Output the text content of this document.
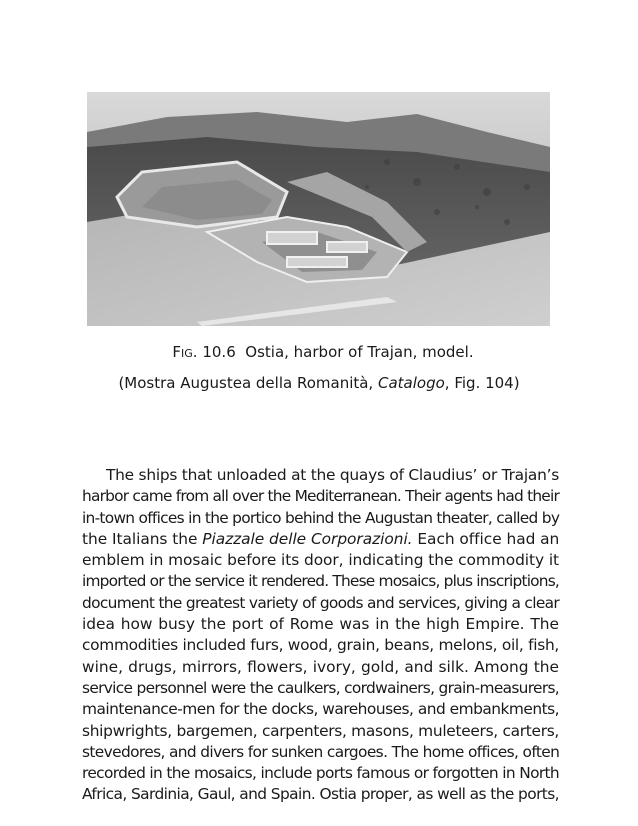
FIG. 10.6 Ostia, harbor of Trajan, model.
(Mostra Augustea della Romanità, Catalogo, Fig. 104)
The ships that unloaded at the quays of Claudius’ or Trajan’s
harbor came from all over the Mediterranean. Their agents had their
in-town offices in the portico behind the Augustan theater, called by
the Italians the Piazzale delle Corporazioni. Each office had an
emblem in mosaic before its door, indicating the commodity it
imported or the service it rendered. These mosaics, plus inscriptions,
document the greatest variety of goods and services, giving a clear
idea how busy the port of Rome was in the high Empire. The
commodities included furs, wood, grain, beans, melons, oil, fish,
wine, drugs, mirrors, flowers, ivory, gold, and silk. Among the
service personnel were the caulkers, cordwainers, grain-measurers,
maintenance-men for the docks, warehouses, and embankments,
shipwrights, bargemen, carpenters, masons, muleteers, carters,
stevedores, and divers for sunken cargoes. The home offices, often
recorded in the mosaics, include ports famous or forgotten in North
Africa, Sardinia, Gaul, and Spain. Ostia proper, as well as the ports,
